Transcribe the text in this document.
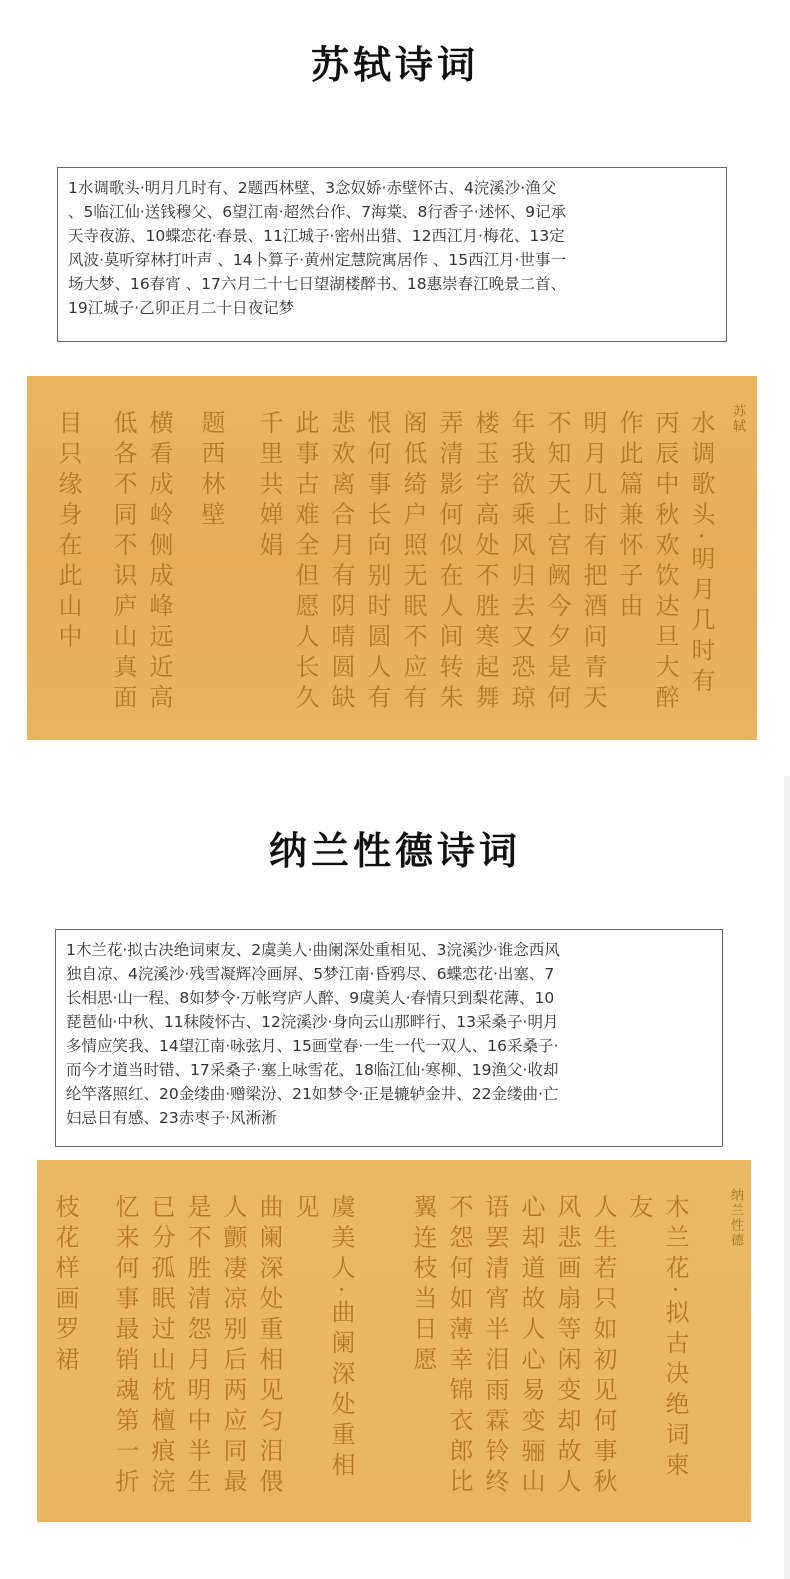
苏轼诗词
1水调歌头·明月几时有、2题西林壁、3念奴娇·赤壁怀古、4浣溪沙·渔父
、5临江仙·送钱穆父、6望江南·超然台作、7海棠、8行香子·述怀、9记承
天寺夜游、10蝶恋花·春景、11江城子·密州出猎、12西江月·梅花、13定
风波·莫听穿林打叶声 、14卜算子·黄州定慧院寓居作 、15西江月·世事一
场大梦、16春宵 、17六月二十七日望湖楼醉书、18惠崇春江晚景二首、
19江城子·乙卯正月二十日夜记梦
苏轼
水调歌头·明月几时有
丙辰中秋欢饮达旦大醉
作此篇兼怀子由
明月几时有把酒问青天
不知天上宫阙今夕是何
年我欲乘风归去又恐琼
楼玉宇高处不胜寒起舞
弄清影何似在人间转朱
阁低绮户照无眠不应有
恨何事长向别时圆人有
悲欢离合月有阴晴圆缺
此事古难全但愿人长久
千里共婵娟
题西林壁
横看成岭侧成峰远近高
低各不同不识庐山真面
目只缘身在此山中
纳兰性德诗词
1木兰花·拟古决绝词柬友、2虞美人·曲阑深处重相见、3浣溪沙·谁念西风
独自凉、4浣溪沙·残雪凝辉冷画屏、5梦江南·昏鸦尽、6蝶恋花·出塞、7
长相思·山一程、8如梦令·万帐穹庐人醉、9虞美人·春情只到梨花薄、10
琵琶仙·中秋、11秣陵怀古、12浣溪沙·身向云山那畔行、13采桑子·明月
多情应笑我、14望江南·咏弦月、15画堂春·一生一代一双人、16采桑子·
而今才道当时错、17采桑子·塞上咏雪花、18临江仙·寒柳、19渔父·收却
纶竿落照红、20金缕曲·赠梁汾、21如梦令·正是辘轳金井、22金缕曲·亡
妇忌日有感、23赤枣子·风淅淅
纳兰性德
木兰花·拟古决绝词柬
友
人生若只如初见何事秋
风悲画扇等闲变却故人
心却道故人心易变骊山
语罢清宵半泪雨霖铃终
不怨何如薄幸锦衣郎比
翼连枝当日愿
虞美人·曲阑深处重相
见
曲阑深处重相见匀泪偎
人颤凄凉别后两应同最
是不胜清怨月明中半生
已分孤眠过山枕檀痕浣
忆来何事最销魂第一折
枝花样画罗裙
